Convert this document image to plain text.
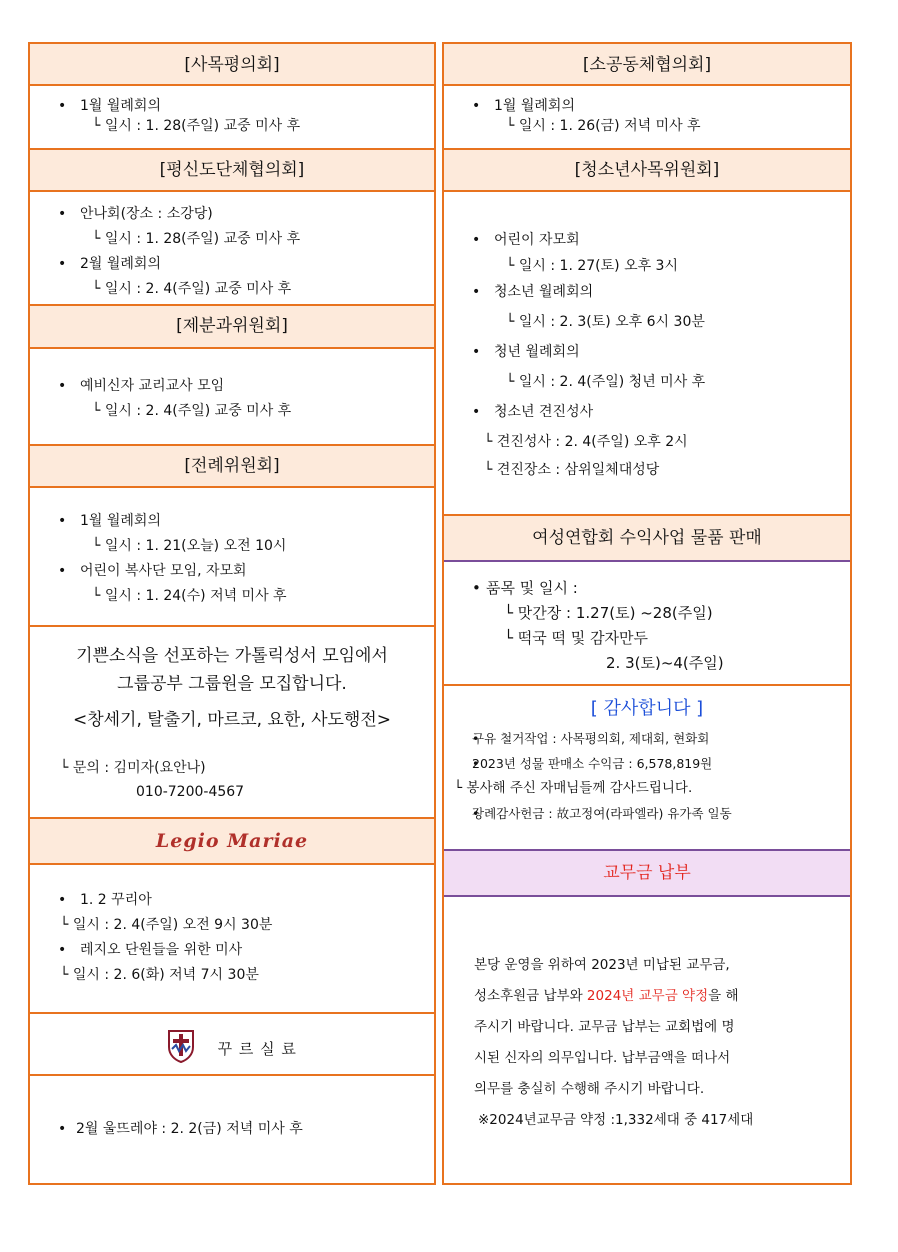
[사목평의회]
• 1월 월례회의
└ 일시 : 1. 28(주일) 교중 미사 후
[평신도단체협의회]
• 안나회(장소 : 소강당)
└ 일시 : 1. 28(주일) 교중 미사 후
• 2월 월례회의
└ 일시 : 2. 4(주일) 교중 미사 후
[제분과위원회]
• 예비신자 교리교사 모임
└ 일시 : 2. 4(주일) 교중 미사 후
[전례위원회]
• 1월 월례회의
└ 일시 : 1. 21(오늘) 오전 10시
• 어린이 복사단 모임, 자모회
└ 일시 : 1. 24(수) 저녁 미사 후
기쁜소식을 선포하는 가톨릭성서 모임에서
그룹공부 그룹원을 모집합니다.
<창세기, 탈출기, 마르코, 요한, 사도행전>
└ 문의 : 김미자(요안나)
010-7200-4567
Legio Mariae
• 1. 2 꾸리아
└ 일시 : 2. 4(주일) 오전 9시 30분
• 레지오 단원들을 위한 미사
└ 일시 : 2. 6(화) 저녁 7시 30분
꾸 르 실 료
• 2월 울뜨레야 : 2. 2(금) 저녁 미사 후
[소공동체협의회]
• 1월 월례회의
└ 일시 : 1. 26(금) 저녁 미사 후
[청소년사목위원회]
• 어린이 자모회
└ 일시 : 1. 27(토) 오후 3시
• 청소년 월례회의
└ 일시 : 2. 3(토) 오후 6시 30분
• 청년 월례회의
└ 일시 : 2. 4(주일) 청년 미사 후
• 청소년 견진성사
└ 견진성사 : 2. 4(주일) 오후 2시
└ 견진장소 : 삼위일체대성당
여성연합회 수익사업 물품 판매
• 품목 및 일시 :
└ 맛간장 : 1.27(토) ~28(주일)
└ 떡국 떡 및 감자만두
2. 3(토)~4(주일)
[ 감사합니다 ]
• 구유 철거작업 : 사목평의회, 제대회, 현화회
• 2023년 성물 판매소 수익금 : 6,578,819원
└ 봉사해 주신 자매님들께 감사드립니다.
• 장례감사헌금 : 故고정여(라파엘라) 유가족 일동
교무금 납부
본당 운영을 위하여 2023년 미납된 교무금,
성소후원금 납부와 2024년 교무금 약정을 해
주시기 바랍니다. 교무금 납부는 교회법에 명
시된 신자의 의무입니다. 납부금액을 떠나서
의무를 충실히 수행해 주시기 바랍니다.
※2024년교무금 약정 :1,332세대 중 417세대
